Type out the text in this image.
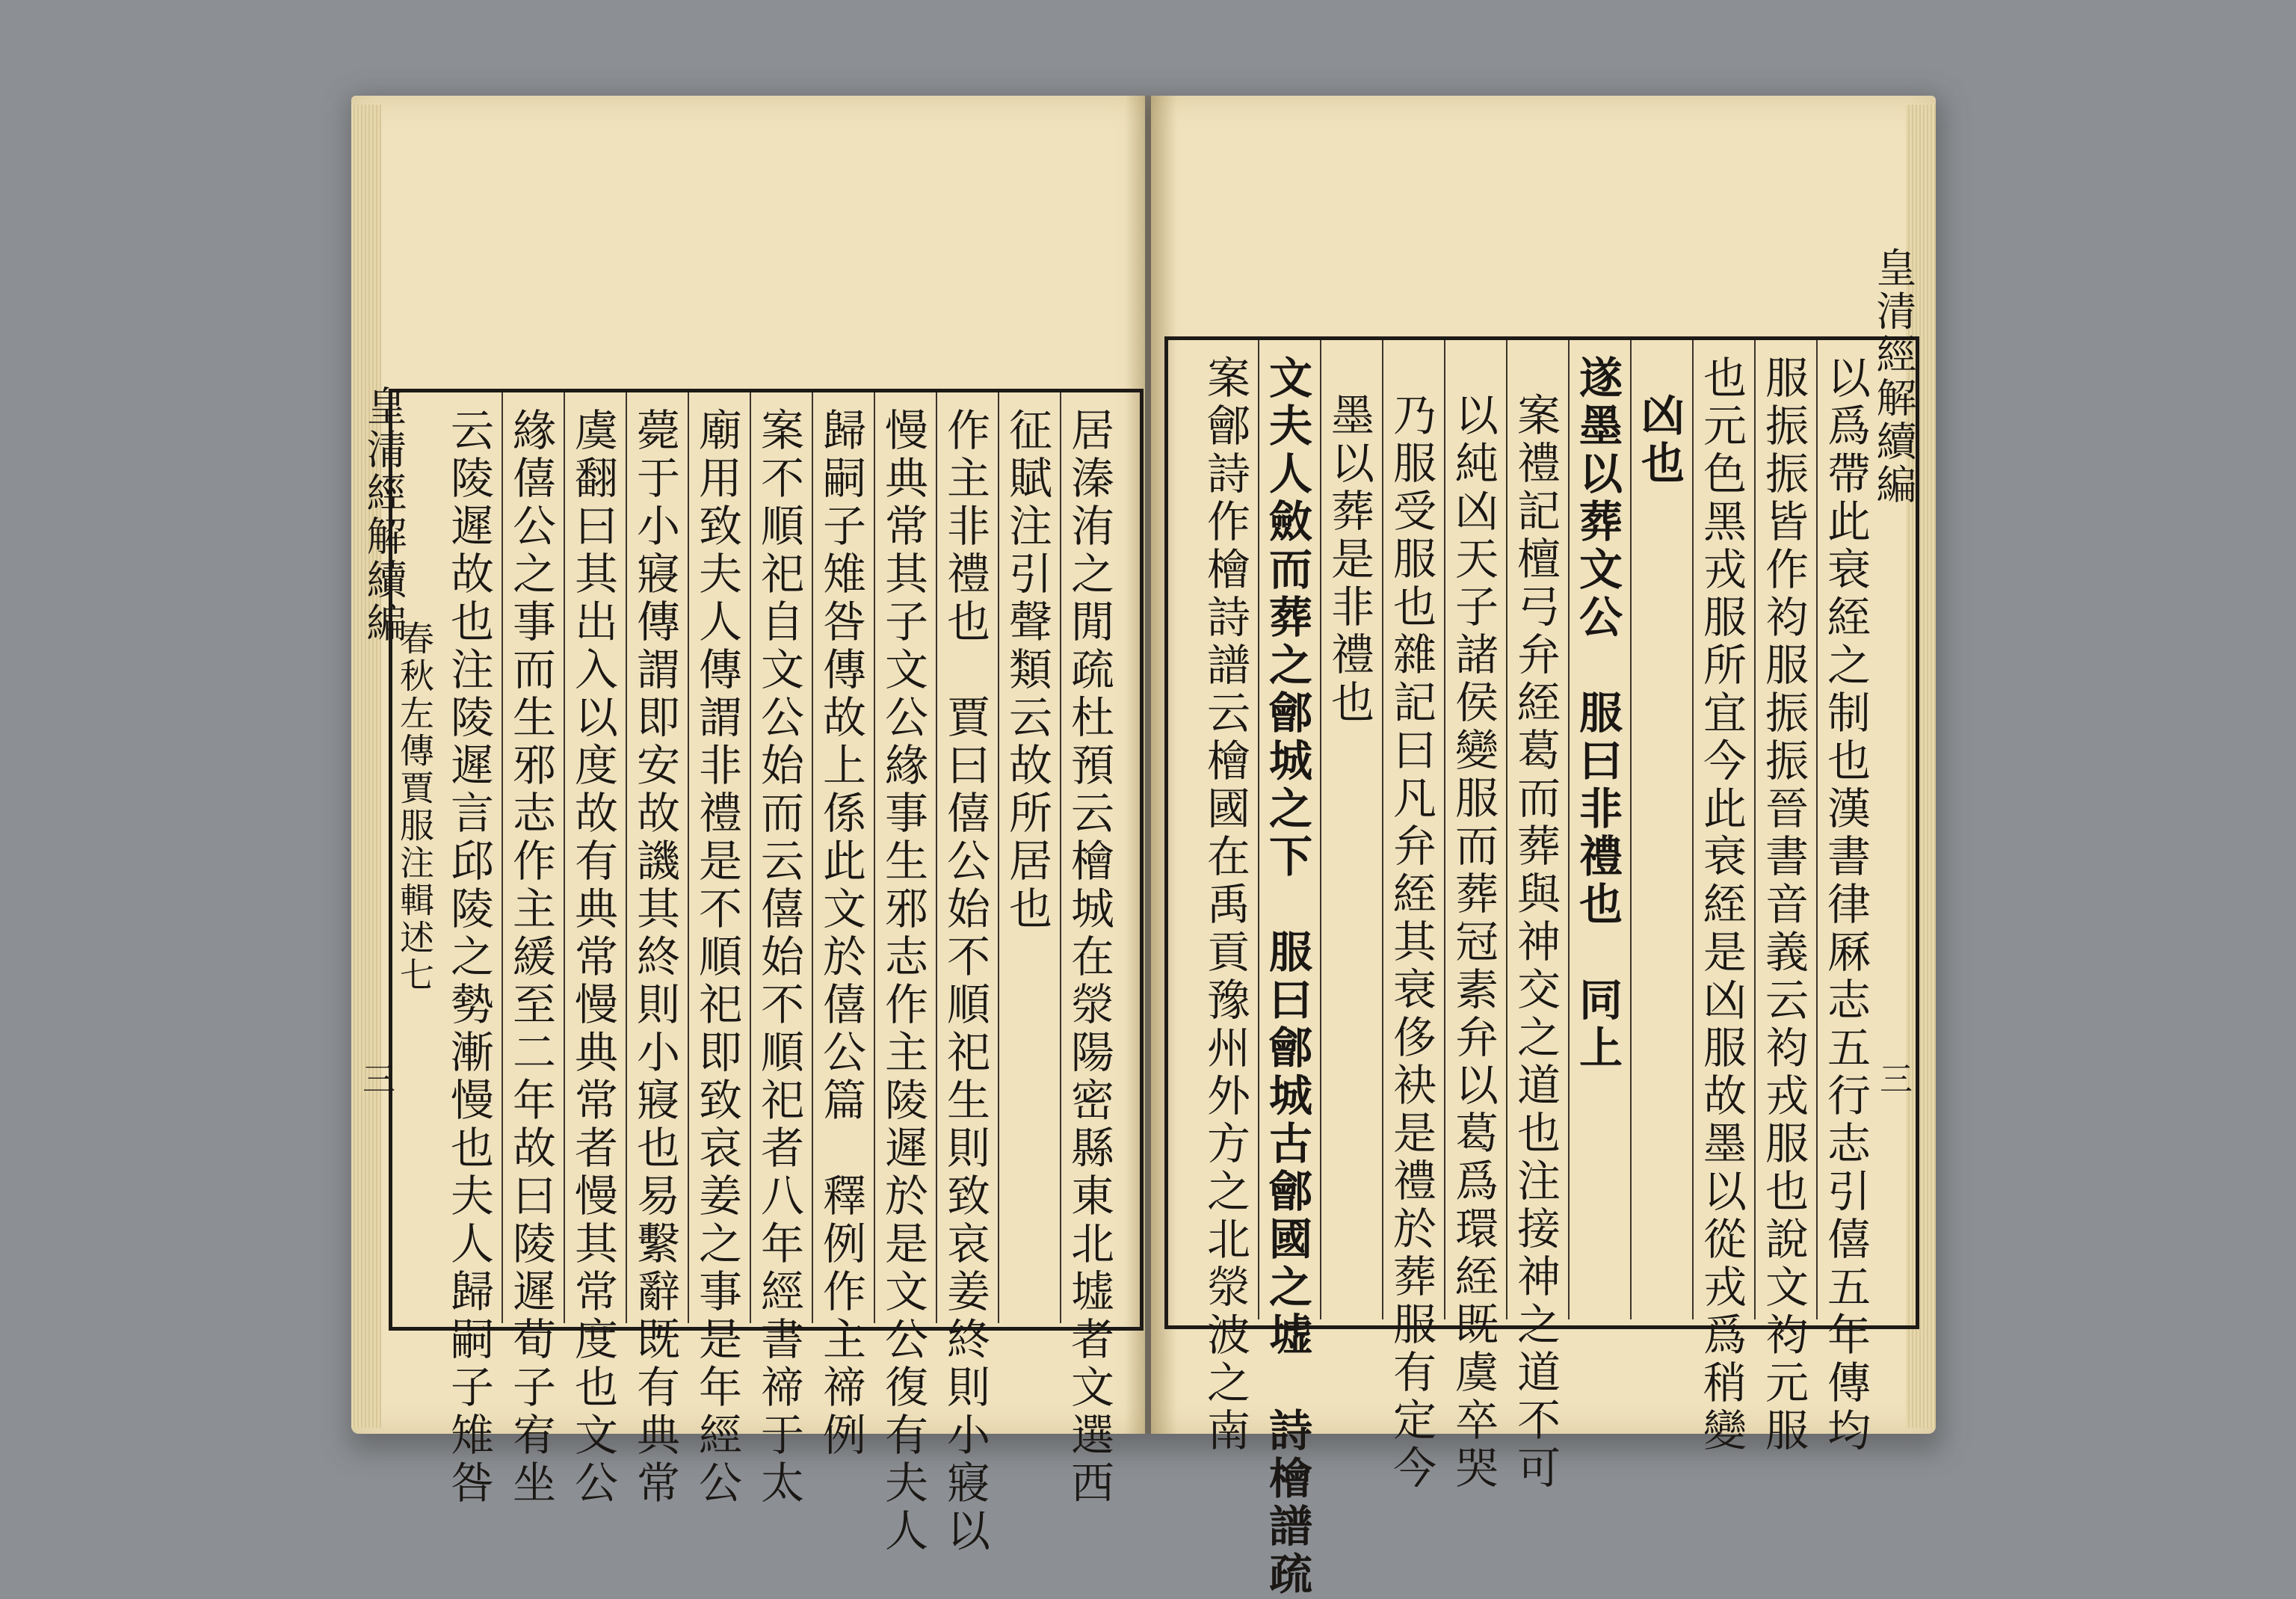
皇清經解續編
春秋左傳賈服注輯述七
三	居溱洧之閒疏杜預云檜城在滎陽密縣東北墟者文選西
征賦注引聲類云故所居也
作主非禮也　賈曰僖公始不順祀生則致哀姜終則小寢以
慢典常其子文公緣事生邪志作主陵遲於是文公復有夫人
歸嗣子雉咎傳故上係此文於僖公篇　釋例作主禘例
案不順祀自文公始而云僖始不順祀者八年經書禘于太
廟用致夫人傳謂非禮是不順祀即致哀姜之事是年經公
薨于小寢傳謂即安故譏其終則小寢也易繫辭既有典常
虞翻曰其出入以度故有典常慢典常者慢其常度也文公
緣僖公之事而生邪志作主緩至二年故曰陵遲荀子宥坐
云陵遲故也注陵遲言邱陵之勢漸慢也夫人歸嗣子雉咎
皇清經解續編
三
以爲帶此衰絰之制也漢書律厤志五行志引僖五年傳均
服振振皆作袀服振振晉書音義云袀戎服也說文袀元服
也元色黑戎服所宜今此衰絰是凶服故墨以從戎爲稍變
凶也
遂墨以葬文公　服曰非禮也　同上
案禮記檀弓弁絰葛而葬與神交之道也注接神之道不可
以純凶天子諸侯變服而葬冠素弁以葛爲環絰既虞卒哭
乃服受服也雜記曰凡弁絰其衰侈袂是禮於葬服有定今
墨以葬是非禮也
文夫人斂而葬之鄶城之下　服曰鄶城古鄶國之墟　詩檜譜疏
案鄶詩作檜詩譜云檜國在禹貢豫州外方之北滎波之南
